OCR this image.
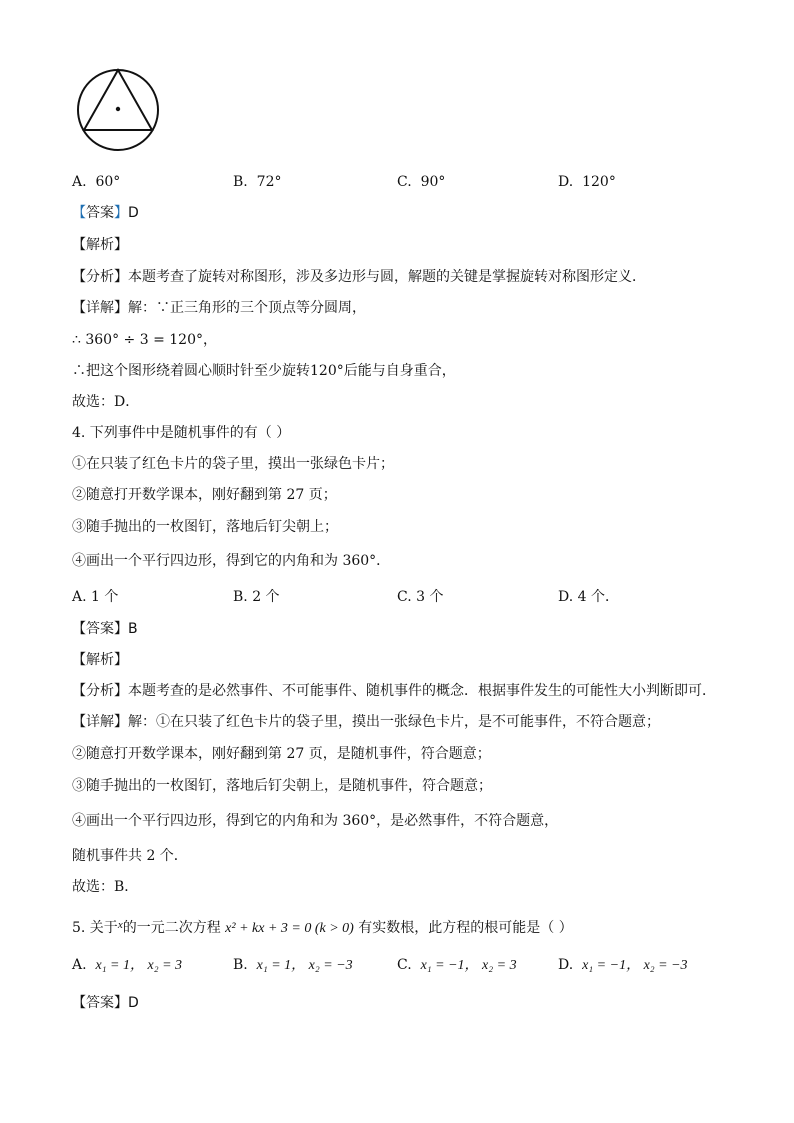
A. 60°	B. 72°	C. 90°	D. 120°
【答案】D
【解析】
【分析】本题考查了旋转对称图形，涉及多边形与圆，解题的关键是掌握旋转对称图形定义．
【详解】解：∵正三角形的三个顶点等分圆周，
∴ 360° ÷ 3 = 120°，
∴把这个图形绕着圆心顺时针至少旋转120°后能与自身重合，
故选：D．
4. 下列事件中是随机事件的有（ ）
①在只装了红色卡片的袋子里，摸出一张绿色卡片；
②随意打开数学课本，刚好翻到第 27 页；
③随手抛出的一枚图钉，落地后钉尖朝上；
④画出一个平行四边形，得到它的内角和为 360°．
A. 1 个	B. 2 个	C. 3 个	D. 4 个．
【答案】B
【解析】
【分析】本题考查的是必然事件、不可能事件、随机事件的概念．根据事件发生的可能性大小判断即可．
【详解】解：①在只装了红色卡片的袋子里，摸出一张绿色卡片，是不可能事件，不符合题意；
②随意打开数学课本，刚好翻到第 27 页，是随机事件，符合题意；
③随手抛出的一枚图钉，落地后钉尖朝上，是随机事件，符合题意；
④画出一个平行四边形，得到它的内角和为 360°，是必然事件，不符合题意，
随机事件共 2 个．
故选：B．
5. 关于$^x$的一元二次方程 x² + kx + 3 = 0 (k > 0) 有实数根，此方程的根可能是（ ）
A. x₁ = 1， x₂ = 3	B. x₁ = 1， x₂ = −3	C. x₁ = −1， x₂ = 3	D. x₁ = −1， x₂ = −3
【答案】D
